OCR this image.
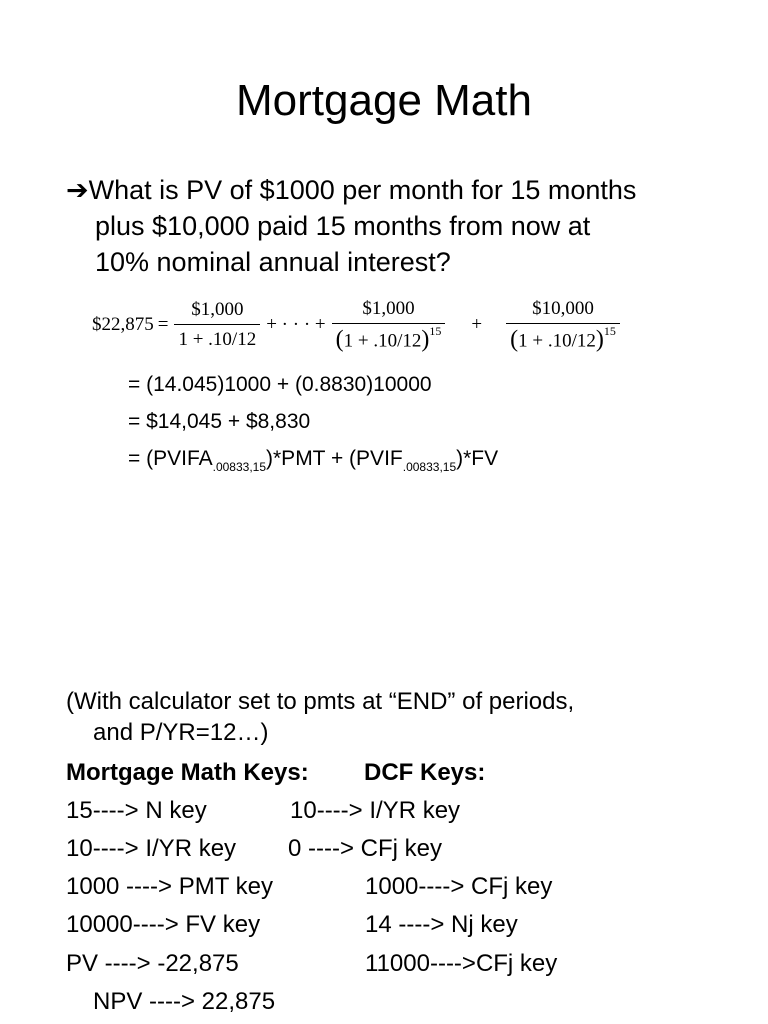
Mortgage Math
➔What is PV of $1000 per month for 15 months
plus $10,000 paid 15 months from now at
10% nominal annual interest?
$22,875 = $\frac{\$1,000}{1 + .10/12}$ + · · · + $\frac{\$1,000}{(1 + .10/12)^{15}} + \frac{\$10,000}{(1 + .10/12)^{15}}$
= (14.045)1000 + (0.8830)10000
= $14,045 + $8,830
= $(PVIFA_{.00833,15})*PMT$ + $(PVIF_{.00833,15})*FV$
(With calculator set to pmts at “END” of periods,
and P/YR=12…)
Mortgage Math Keys: DCF Keys:
15----> N key	10----> I/YR key
10----> I/YR key 0 ----> CFj key
1000 ----> PMT key	1000----> CFj key
10000----> FV key	14 ----> Nj key
PV ----> -22,875	11000---->CFj key
NPV ----> 22,875
